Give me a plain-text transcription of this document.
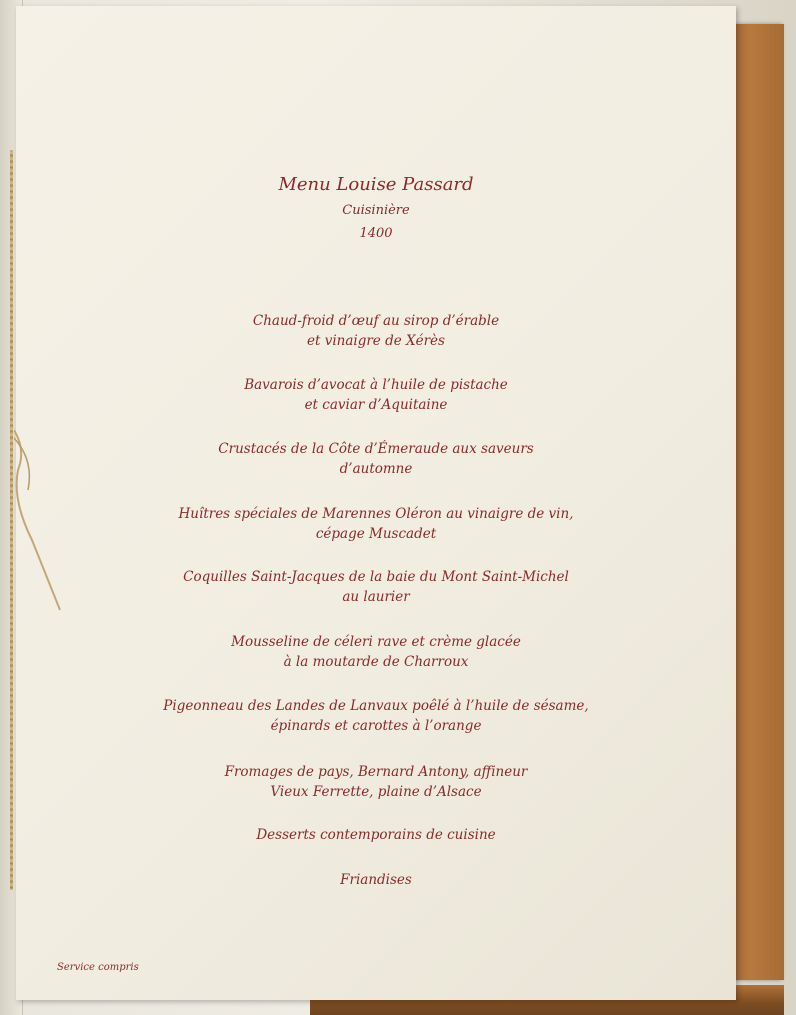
Menu Louise Passard
Cuisinière
1400
Chaud-froid d’œuf au sirop d’érable
et vinaigre de Xérès
Bavarois d’avocat à l’huile de pistache
et caviar d’Aquitaine
Crustacés de la Côte d’Émeraude aux saveurs
d’automne
Huîtres spéciales de Marennes Oléron au vinaigre de vin,
cépage Muscadet
Coquilles Saint-Jacques de la baie du Mont Saint-Michel
au laurier
Mousseline de céleri rave et crème glacée
à la moutarde de Charroux
Pigeonneau des Landes de Lanvaux poêlé à l’huile de sésame,
épinards et carottes à l’orange
Fromages de pays, Bernard Antony, affineur
Vieux Ferrette, plaine d’Alsace
Desserts contemporains de cuisine
Friandises
Service compris
